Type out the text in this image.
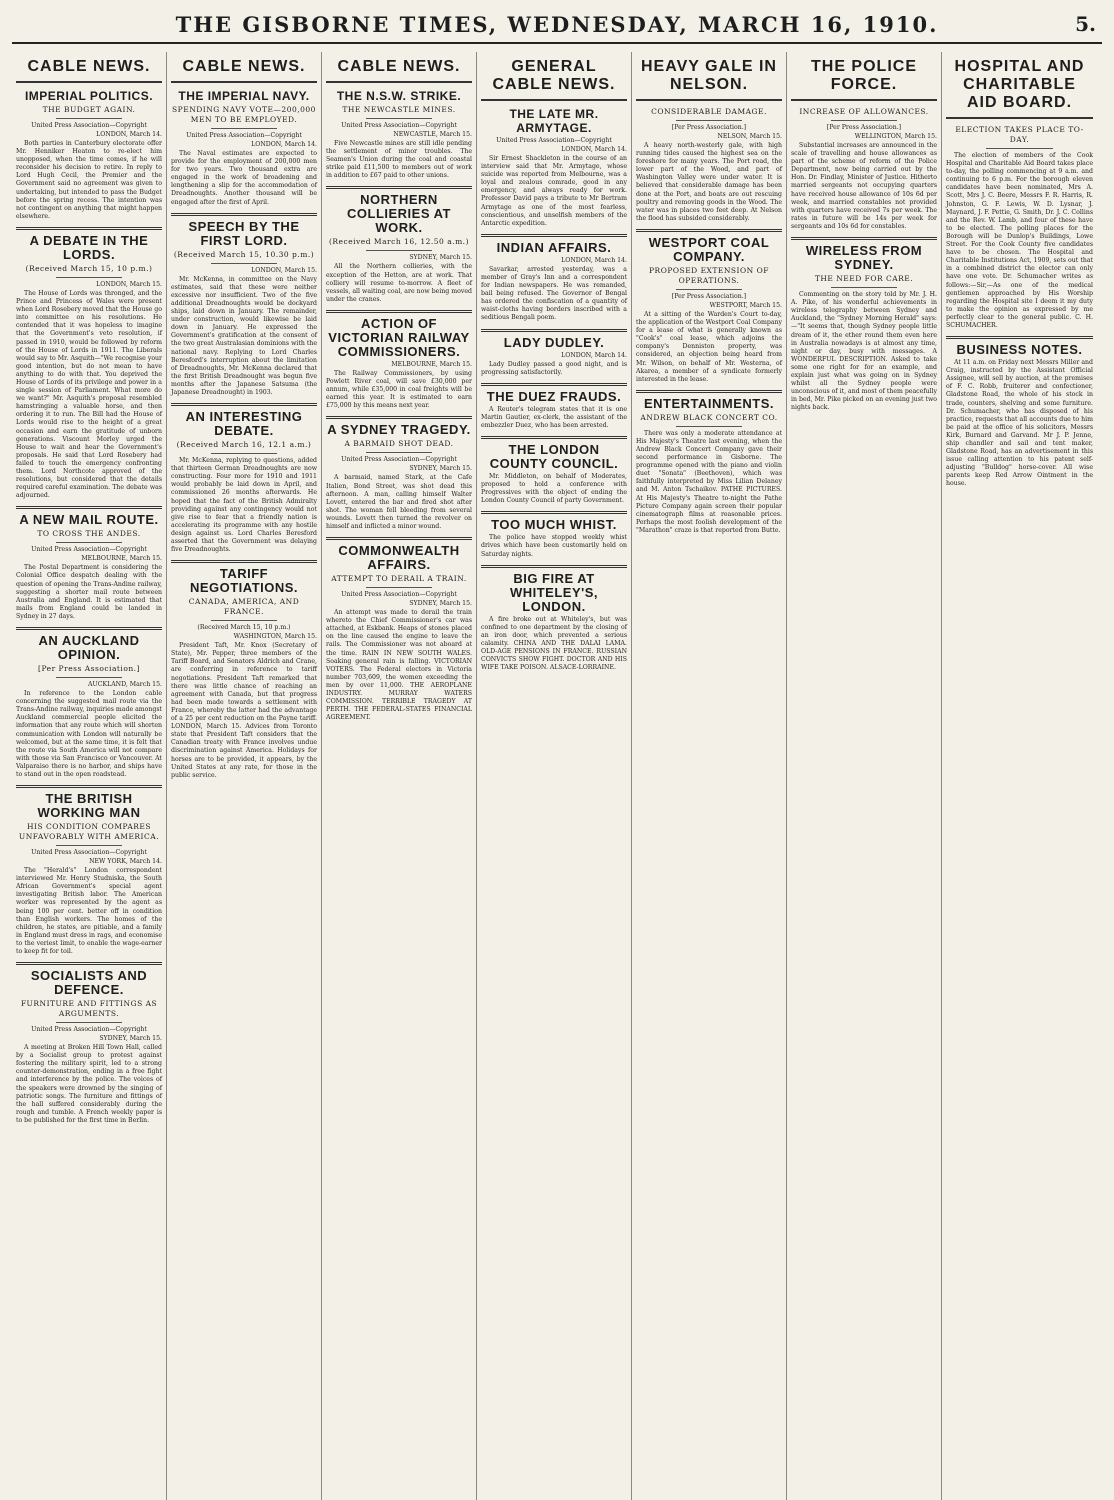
THE GISBORNE TIMES, WEDNESDAY, MARCH 16, 1910.	5.
CABLE NEWS.
IMPERIAL POLITICS.
THE BUDGET AGAIN.
United Press Association—Copyright
LONDON, March 14.

Both parties in Canterbury electorate offer Mr. Henniker Heaton to re-elect him unopposed, when the time comes, if he will reconsider his decision to retire. In reply to Lord Hugh Cecil, the Premier and the Government said no agreement was given to undertaking, but intended to pass the Budget before the spring recess. The intention was not contingent on anything that might happen elsewhere.

A DEBATE IN THE LORDS.
(Received March 15, 10 p.m.)
LONDON, March 15.

The House of Lords was thronged, and the Prince and Princess of Wales were present when Lord Rosebery moved that the House go into committee on his resolutions. He contended that it was hopeless to imagine that the Government's veto resolution, if passed in 1910, would be followed by reform of the House of Lords in 1911. The Liberals would say to Mr. Asquith—"We recognise your good intention, but do not mean to have anything to do with that. You deprived the House of Lords of its privilege and power in a single session of Parliament. What more do we want?" Mr. Asquith's proposal resembled hamstringing a valuable horse, and then ordering it to run. The Bill had the House of Lords would rise to the height of a great occasion and earn the gratitude of unborn generations. Viscount Morley urged the House to wait and hear the Government's proposals. He said that Lord Rosebery had failed to touch the emergency confronting them. Lord Northcote approved of the resolutions, but considered that the details required careful examination. The debate was adjourned.

A NEW MAIL ROUTE.
TO CROSS THE ANDES.
United Press Association—Copyright
MELBOURNE, March 15.

The Postal Department is considering the Colonial Office despatch dealing with the question of opening the Trans-Andine railway, suggesting a shorter mail route between Australia and England. It is estimated that mails from England could be landed in Sydney in 27 days.

AN AUCKLAND OPINION.
[Per Press Association.]
AUCKLAND, March 15.

In reference to the London cable concerning the suggested mail route via the Trans-Andine railway, inquiries made amongst Auckland commercial people elicited the information that any route which will shorten communication with London will naturally be welcomed, but at the same time, it is felt that the route via South America will not compare with those via San Francisco or Vancouver. At Valparaiso there is no harbor, and ships have to stand out in the open roadstead.

THE BRITISH WORKING MAN
HIS CONDITION COMPARES UNFAVORABLY WITH AMERICA.
United Press Association—Copyright
NEW YORK, March 14.

The "Herald's" London correspondent interviewed Mr. Henry Studniska, the South African Government's special agent investigating British labor. The American worker was represented by the agent as being 100 per cent. better off in condition than English workers. The homes of the children, he states, are pitiable, and a family in England must dress in rags, and economise to the veriest limit, to enable the wage-earner to keep fit for toil.

SOCIALISTS AND DEFENCE.
FURNITURE AND FITTINGS AS ARGUMENTS.
United Press Association—Copyright
SYDNEY, March 15.

A meeting at Broken Hill Town Hall, called by a Socialist group to protest against fostering the military spirit, led to a strong counter-demonstration, ending in a free fight and interference by the police. The voices of the speakers were drowned by the singing of patriotic songs. The furniture and fittings of the hall suffered considerably during the rough and tumble. A French weekly paper is to be published for the first time in Berlin.

CABLE NEWS.
THE IMPERIAL NAVY.
SPENDING NAVY VOTE—200,000 MEN TO BE EMPLOYED.
United Press Association—Copyright
LONDON, March 14.

The Naval estimates are expected to provide for the employment of 200,000 men for two years. Two thousand extra are engaged in the work of broadening and lengthening a slip for the accommodation of Dreadnoughts. Another thousand will be engaged after the first of April.

SPEECH BY THE FIRST LORD.
(Received March 15, 10.30 p.m.)
LONDON, March 15.

Mr. McKenna, in committee on the Navy estimates, said that these were neither excessive nor insufficient. Two of the five additional Dreadnoughts would be dockyard ships, laid down in January. The remainder, under construction, would likewise be laid down in January. He expressed the Government's gratification at the consent of the two great Australasian dominions with the national navy. Replying to Lord Charles Beresford's interruption about the limitation of Dreadnoughts, Mr. McKenna declared that the first British Dreadnought was begun five months after the Japanese Satsuma (the Japanese Dreadnought) in 1903.

AN INTERESTING DEBATE.
(Received March 16, 12.1 a.m.)

Mr. McKenna, replying to questions, added that thirteen German Dreadnoughts are now constructing. Four more for 1910 and 1911 would probably be laid down in April, and commissioned 26 months afterwards. He hoped that the fact of the British Admiralty providing against any contingency would not give rise to fear that a friendly nation is accelerating its programme with any hostile design against us. Lord Charles Beresford asserted that the Government was delaying five Dreadnoughts.

TARIFF NEGOTIATIONS.
CANADA, AMERICA, AND FRANCE.
(Received March 15, 10 p.m.)
WASHINGTON, March 15.

President Taft, Mr. Knox (Secretary of State), Mr. Pepper, three members of the Tariff Board, and Senators Aldrich and Crane, are conferring in reference to tariff negotiations. President Taft remarked that there was little chance of reaching an agreement with Canada, but that progress had been made towards a settlement with France, whereby the latter had the advantage of a 25 per cent reduction on the Payne tariff. LONDON, March 15. Advices from Toronto state that President Taft considers that the Canadian treaty with France involves undue discrimination against America. Holidays for horses are to be provided, it appears, by the United States at any rate, for those in the public service.

CABLE NEWS.
THE N.S.W. STRIKE.
THE NEWCASTLE MINES.
United Press Association—Copyright
NEWCASTLE, March 15.

Five Newcastle mines are still idle pending the settlement of minor troubles. The Seamen's Union during the coal and coastal strike paid £11,500 to members out of work in addition to £67 paid to other unions.

NORTHERN COLLIERIES AT WORK.
(Received March 16, 12.50 a.m.)
SYDNEY, March 15.

All the Northern collieries, with the exception of the Hetton, are at work. That colliery will resume to-morrow. A fleet of vessels, all waiting coal, are now being moved under the cranes.

ACTION OF VICTORIAN RAILWAY COMMISSIONERS.
MELBOURNE, March 15.

The Railway Commissioners, by using Powlett River coal, will save £30,000 per annum, while £35,000 in coal freights will be earned this year. It is estimated to earn £75,000 by this means next year.

A SYDNEY TRAGEDY.
A BARMAID SHOT DEAD.
United Press Association—Copyright
SYDNEY, March 15.

A barmaid, named Stark, at the Cafe Italien, Bond Street, was shot dead this afternoon. A man, calling himself Walter Lovett, entered the bar and fired shot after shot. The woman fell bleeding from several wounds. Lovett then turned the revolver on himself and inflicted a minor wound.

COMMONWEALTH AFFAIRS.
ATTEMPT TO DERAIL A TRAIN.
United Press Association—Copyright
SYDNEY, March 15.

An attempt was made to derail the train whereto the Chief Commissioner's car was attached, at Eskbank. Heaps of stones placed on the line caused the engine to leave the rails. The Commissioner was not aboard at the time. RAIN IN NEW SOUTH WALES. Soaking general rain is falling. VICTORIAN VOTERS. The Federal electors in Victoria number 703,609, the women exceeding the men by over 11,000. THE AEROPLANE INDUSTRY. MURRAY WATERS COMMISSION. TERRIBLE TRAGEDY AT PERTH. THE FEDERAL-STATES FINANCIAL AGREEMENT.

GENERAL CABLE NEWS.
THE LATE MR. ARMYTAGE.
United Press Association—Copyright
LONDON, March 14.

Sir Ernest Shackleton in the course of an interview said that Mr. Armytage, whose suicide was reported from Melbourne, was a loyal and zealous comrade, good in any emergency, and always ready for work. Professor David pays a tribute to Mr Bertram Armytage as one of the most fearless, conscientious, and unselfish members of the Antarctic expedition.

INDIAN AFFAIRS.
LONDON, March 14.

Savarkar, arrested yesterday, was a member of Gray's Inn and a correspondent for Indian newspapers. He was remanded, bail being refused. The Governor of Bengal has ordered the confiscation of a quantity of waist-cloths having borders inscribed with a seditious Bengali poem.

LADY DUDLEY.
LONDON, March 14.

Lady Dudley passed a good night, and is progressing satisfactorily.

THE DUEZ FRAUDS.

A Reuter's telegram states that it is one Martin Gautier, ex-clerk, the assistant of the embezzler Duez, who has been arrested.

THE LONDON COUNTY COUNCIL.

Mr. Middleton, on behalf of Moderates, proposed to hold a conference with Progressives with the object of ending the London County Council of party Government.

TOO MUCH WHIST.

The police have stopped weekly whist drives which have been customarily held on Saturday nights.

BIG FIRE AT WHITELEY'S, LONDON.

A fire broke out at Whiteley's, but was confined to one department by the closing of an iron door, which prevented a serious calamity. CHINA AND THE DALAI LAMA. OLD-AGE PENSIONS IN FRANCE. RUSSIAN CONVICTS SHOW FIGHT. DOCTOR AND HIS WIFE TAKE POISON. ALSACE-LORRAINE.

HEAVY GALE IN NELSON.
CONSIDERABLE DAMAGE.
[Per Press Association.]
NELSON, March 15.

A heavy north-westerly gale, with high running tides caused the highest sea on the foreshore for many years. The Port road, the lower part of the Wood, and part of Washington Valley were under water. It is believed that considerable damage has been done at the Port, and boats are out rescuing poultry and removing goods in the Wood. The water was in places two feet deep. At Nelson the flood has subsided considerably.

WESTPORT COAL COMPANY.
PROPOSED EXTENSION OF OPERATIONS.
[Per Press Association.]
WESTPORT, March 15.

At a sitting of the Warden's Court to-day, the application of the Westport Coal Company for a lease of what is generally known as "Cook's" coal lease, which adjoins the company's Denniston property, was considered, an objection being heard from Mr. Wilson, on behalf of Mr. Westerna, of Akarea, a member of a syndicate formerly interested in the lease.

ENTERTAINMENTS.
ANDREW BLACK CONCERT CO.

There was only a moderate attendance at His Majesty's Theatre last evening, when the Andrew Black Concert Company gave their second performance in Gisborne. The programme opened with the piano and violin duet "Sonata" (Beethoven), which was faithfully interpreted by Miss Lilian Delaney and M. Anton Tschaikov. PATHE PICTURES. At His Majesty's Theatre to-night the Pathe Picture Company again screen their popular cinematograph films at reasonable prices. Perhaps the most foolish development of the "Marathon" craze is that reported from Butte.

THE POLICE FORCE.
INCREASE OF ALLOWANCES.
[Per Press Association.]
WELLINGTON, March 15.

Substantial increases are announced in the scale of travelling and house allowances as part of the scheme of reform of the Police Department, now being carried out by the Hon. Dr. Findlay, Minister of Justice. Hitherto married sergeants not occupying quarters have received house allowance of 10s 6d per week, and married constables not provided with quarters have received 7s per week. The rates in future will be 14s per week for sergeants and 10s 6d for constables.

WIRELESS FROM SYDNEY.
THE NEED FOR CARE.

Commenting on the story told by Mr. J. H. A. Pike, of his wonderful achievements in wireless telegraphy between Sydney and Auckland, the "Sydney Morning Herald" says:—"It seems that, though Sydney people little dream of it, the ether round them even here in Australia nowadays is at almost any time, night or day, busy with messages. A WONDERFUL DESCRIPTION. Asked to take some one right for for an example, and explain just what was going on in Sydney whilst all the Sydney people were unconscious of it, and most of them peacefully in bed, Mr. Pike picked on an evening just two nights back.

HOSPITAL AND CHARITABLE AID BOARD.
ELECTION TAKES PLACE TO-DAY.

The election of members of the Cook Hospital and Charitable Aid Board takes place to-day, the polling commencing at 9 a.m. and continuing to 6 p.m. For the borough eleven candidates have been nominated, Mrs A. Scott, Mrs J. C. Beere, Messrs F. R. Harris, R. Johnston, G. F. Lewis, W. D. Lysnar, J. Maynard, J. F. Pettie, G. Smith, Dr. J. C. Collins and the Rev. W. Lamb, and four of these have to be elected. The polling places for the Borough will be Dunlop's Buildings, Lowe Street. For the Cook County five candidates have to be chosen. The Hospital and Charitable Institutions Act, 1909, sets out that in a combined district the elector can only have one vote. Dr. Schumacher writes as follows:—Sir,—As one of the medical gentlemen approached by His Worship regarding the Hospital site I deem it my duty to make the opinion as expressed by me perfectly clear to the general public. C. H. SCHUMACHER.

BUSINESS NOTES.

At 11 a.m. on Friday next Messrs Miller and Craig, instructed by the Assistant Official Assignee, will sell by auction, at the premises of F. C. Robb, fruiterer and confectioner, Gladstone Road, the whole of his stock in trade, counters, shelving and some furniture. Dr. Schumacher, who has disposed of his practice, requests that all accounts due to him be paid at the office of his solicitors, Messrs Kirk, Burnard and Garvand. Mr J. P. Jenne, ship chandler and sail and tent maker, Gladstone Road, has an advertisement in this issue calling attention to his patent self-adjusting "Bulldog" horse-cover. All wise parents keep Red Arrow Ointment in the house.
